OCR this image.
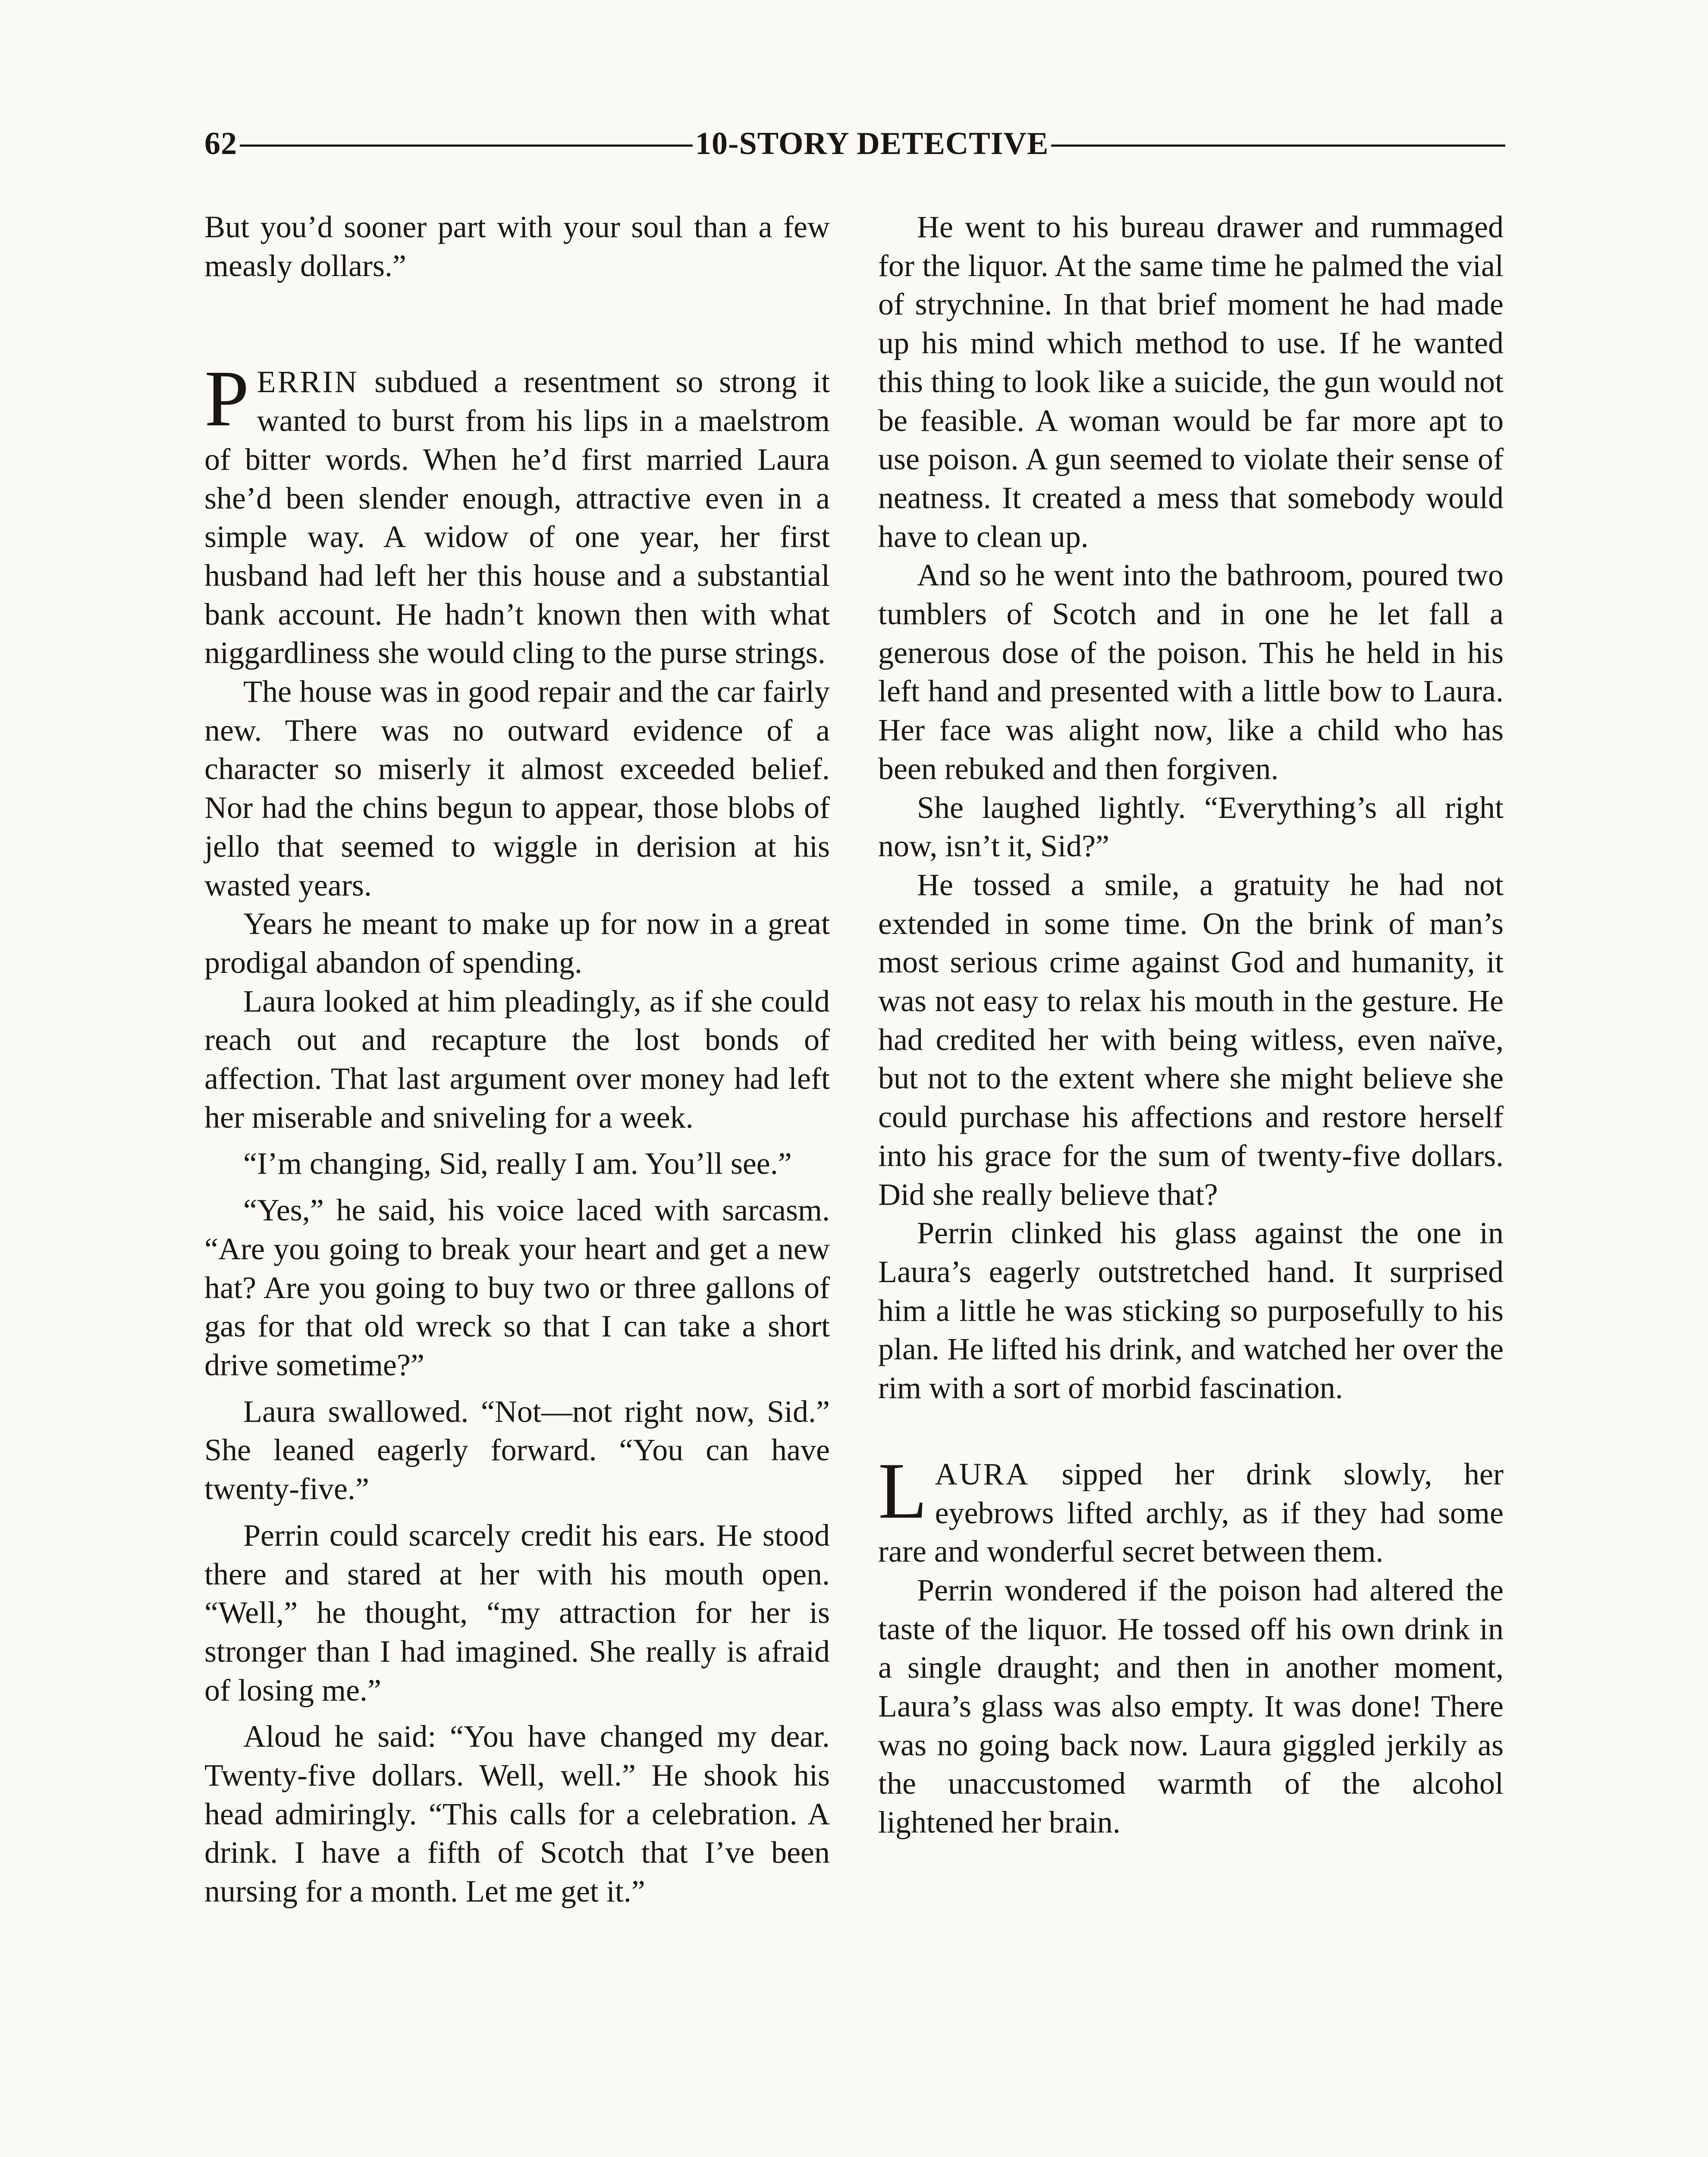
62	10-STORY DETECTIVE

But you’d sooner part with your soul than a few measly dollars.”

PERRIN subdued a resentment so strong it wanted to burst from his lips in a maelstrom of bitter words. When he’d first married Laura she’d been slender enough, attractive even in a simple way. A widow of one year, her first husband had left her this house and a substantial bank account. He hadn’t known then with what niggardliness she would cling to the purse strings.

The house was in good repair and the car fairly new. There was no outward evidence of a character so miserly it almost exceeded belief. Nor had the chins begun to appear, those blobs of jello that seemed to wiggle in derision at his wasted years.

Years he meant to make up for now in a great prodigal abandon of spending.

Laura looked at him pleadingly, as if she could reach out and recapture the lost bonds of affection. That last argument over money had left her miserable and sniveling for a week.

“I’m changing, Sid, really I am. You’ll see.”

“Yes,” he said, his voice laced with sarcasm. “Are you going to break your heart and get a new hat? Are you going to buy two or three gallons of gas for that old wreck so that I can take a short drive sometime?”

Laura swallowed. “Not—not right now, Sid.” She leaned eagerly forward. “You can have twenty-five.”

Perrin could scarcely credit his ears. He stood there and stared at her with his mouth open. “Well,” he thought, “my attraction for her is stronger than I had imagined. She really is afraid of losing me.”

Aloud he said: “You have changed my dear. Twenty-five dollars. Well, well.” He shook his head admiringly. “This calls for a celebration. A drink. I have a fifth of Scotch that I’ve been nursing for a month. Let me get it.”

He went to his bureau drawer and rummaged for the liquor. At the same time he palmed the vial of strychnine. In that brief moment he had made up his mind which method to use. If he wanted this thing to look like a suicide, the gun would not be feasible. A woman would be far more apt to use poison. A gun seemed to violate their sense of neatness. It created a mess that somebody would have to clean up.

And so he went into the bathroom, poured two tumblers of Scotch and in one he let fall a generous dose of the poison. This he held in his left hand and presented with a little bow to Laura. Her face was alight now, like a child who has been rebuked and then forgiven.

She laughed lightly. “Everything’s all right now, isn’t it, Sid?”

He tossed a smile, a gratuity he had not extended in some time. On the brink of man’s most serious crime against God and humanity, it was not easy to relax his mouth in the gesture. He had credited her with being witless, even naïve, but not to the extent where she might believe she could purchase his affections and restore herself into his grace for the sum of twenty-five dollars. Did she really believe that?

Perrin clinked his glass against the one in Laura’s eagerly outstretched hand. It surprised him a little he was sticking so purposefully to his plan. He lifted his drink, and watched her over the rim with a sort of morbid fascination.

LAURA sipped her drink slowly, her eyebrows lifted archly, as if they had some rare and wonderful secret between them.

Perrin wondered if the poison had altered the taste of the liquor. He tossed off his own drink in a single draught; and then in another moment, Laura’s glass was also empty. It was done! There was no going back now. Laura giggled jerkily as the unaccustomed warmth of the alcohol lightened her brain.
